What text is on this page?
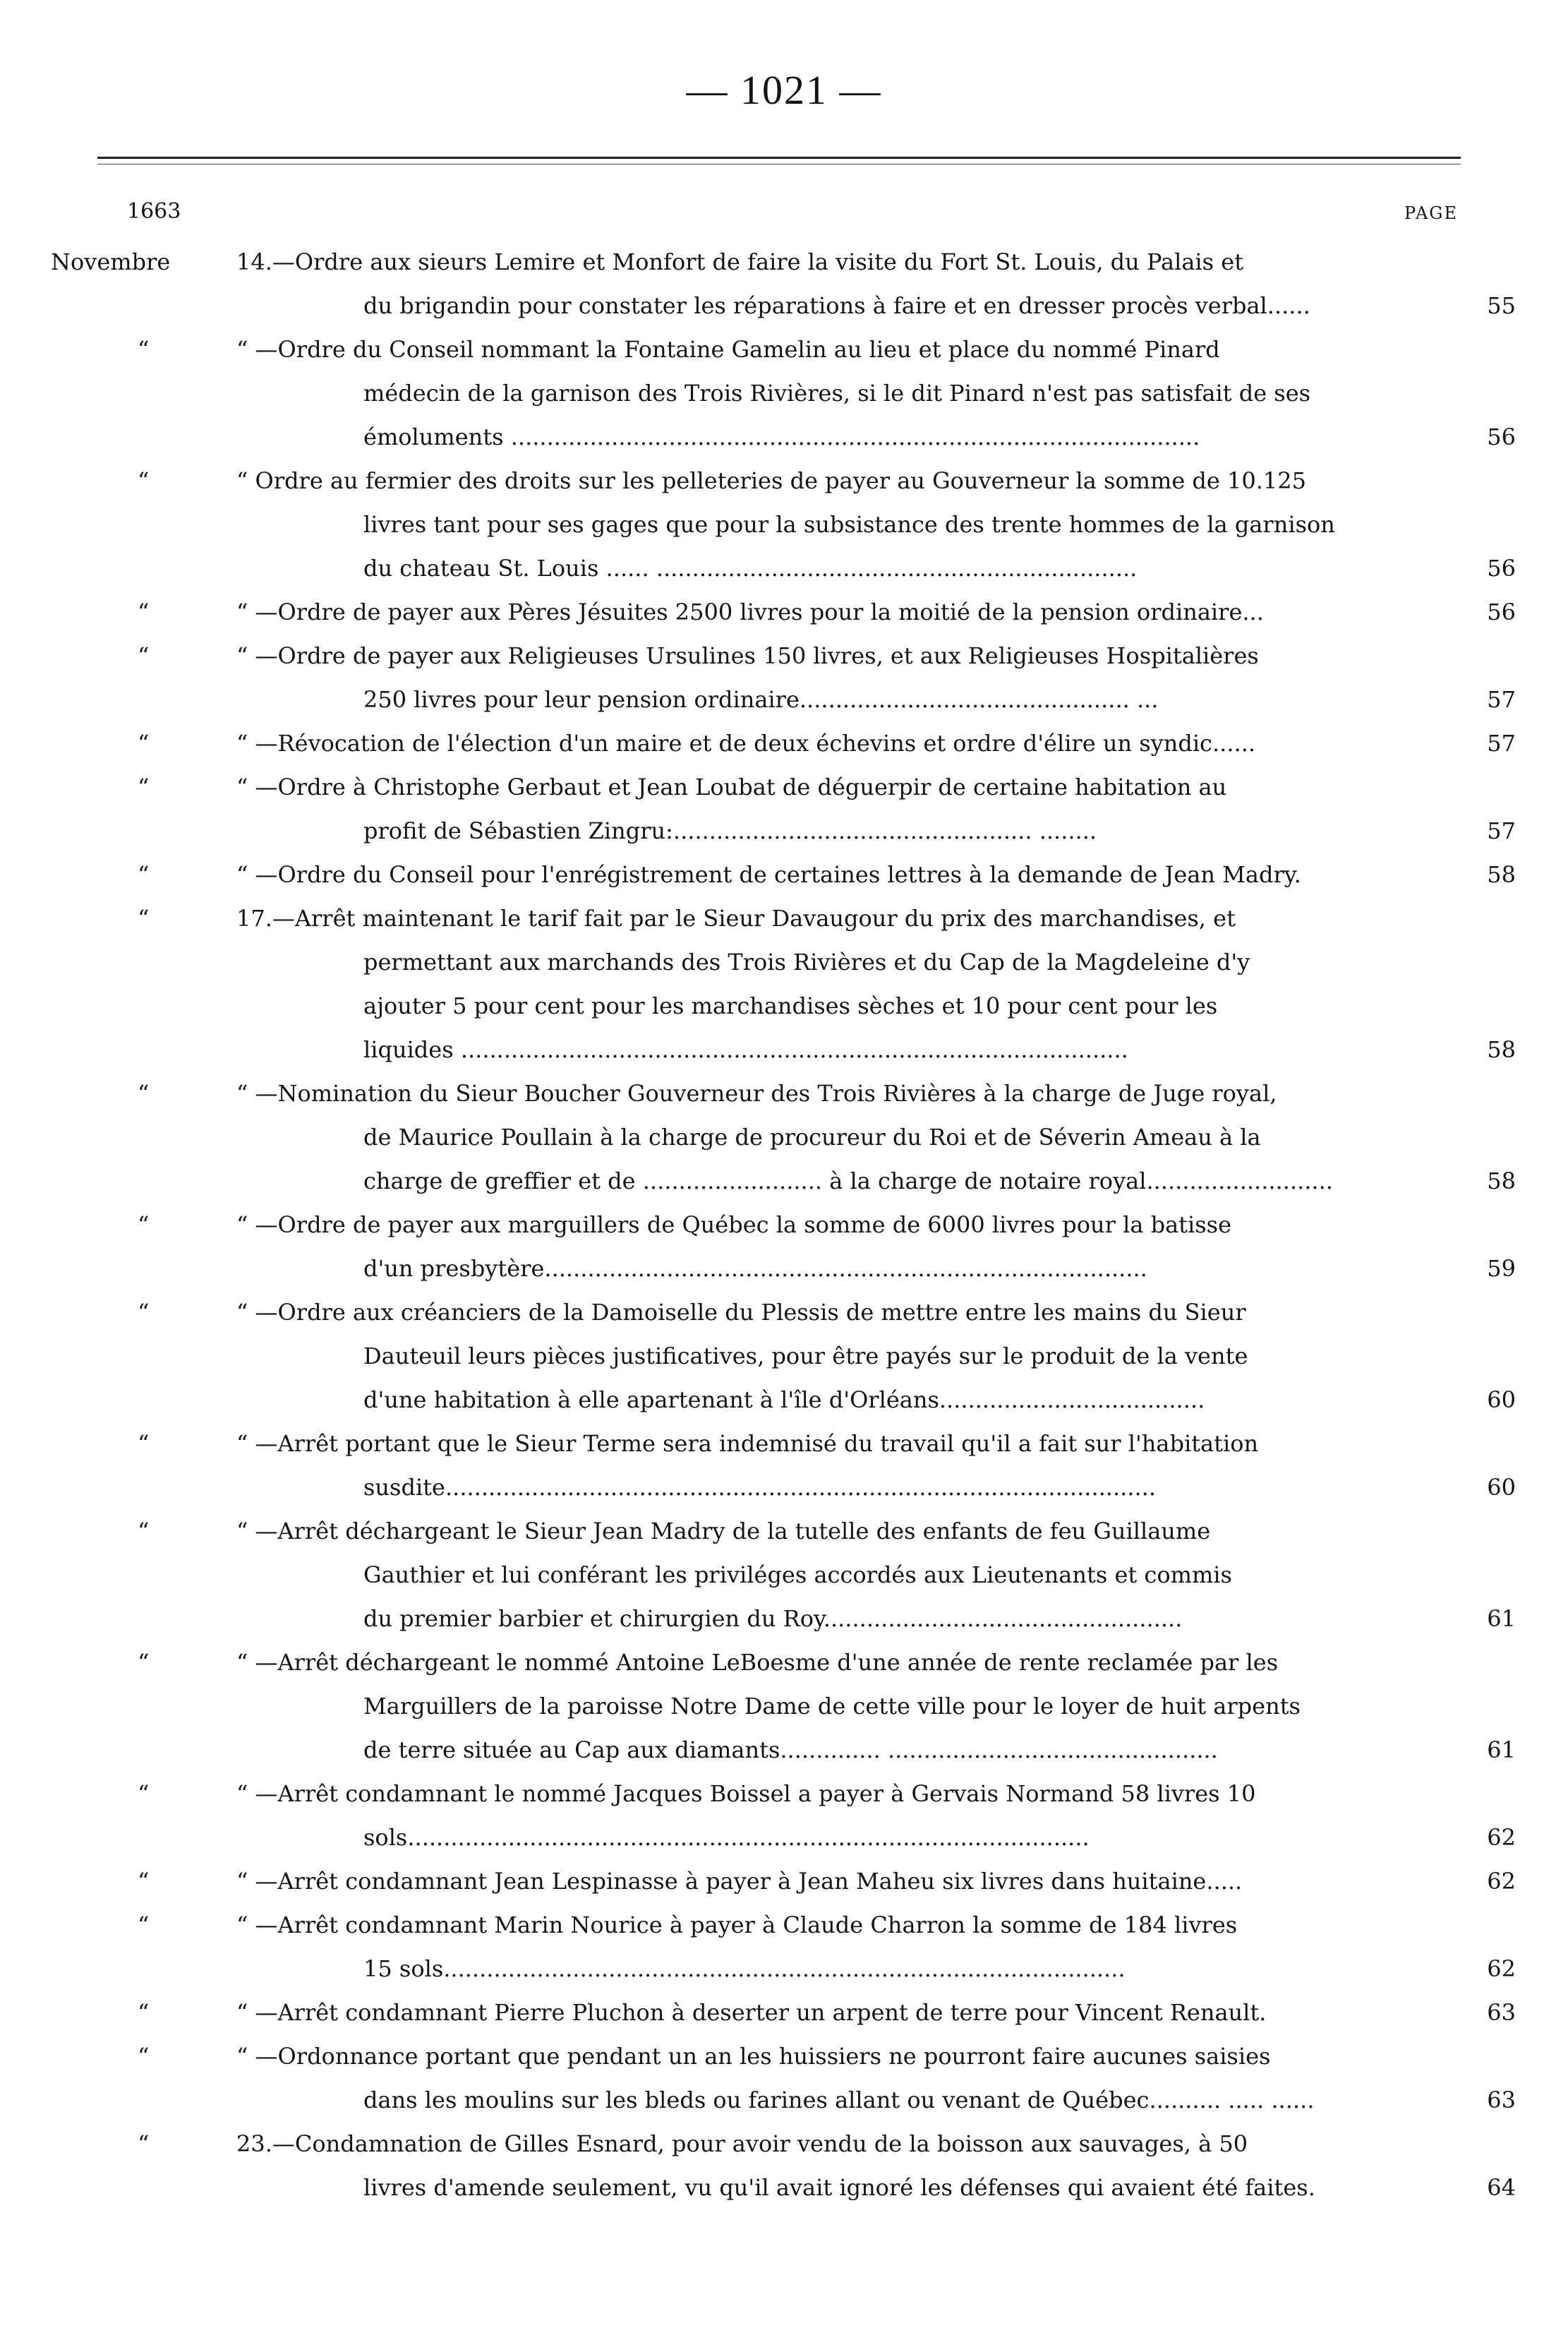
— 1021 —
1663	PAGE
Novembre	14.—Ordre aux sieurs Lemire et Monfort de faire la visite du Fort St. Louis, du Palais et
du brigandin pour constater les réparations à faire et en dresser procès verbal......	55
“	“ —Ordre du Conseil nommant la Fontaine Gamelin au lieu et place du nommé Pinard
médecin de la garnison des Trois Rivières, si le dit Pinard n'est pas satisfait de ses
émoluments ................................................................................................	56
“	“ Ordre au fermier des droits sur les pelleteries de payer au Gouverneur la somme de 10.125
livres tant pour ses gages que pour la subsistance des trente hommes de la garnison
du chateau St. Louis ...... ...................................................................	56
“	“ —Ordre de payer aux Pères Jésuites 2500 livres pour la moitié de la pension ordinaire...	56
“	“ —Ordre de payer aux Religieuses Ursulines 150 livres, et aux Religieuses Hospitalières
250 livres pour leur pension ordinaire.............................................. ...	57
“	“ —Révocation de l'élection d'un maire et de deux échevins et ordre d'élire un syndic......	57
“	“ —Ordre à Christophe Gerbaut et Jean Loubat de déguerpir de certaine habitation au
profit de Sébastien Zingru:.................................................. ........	57
“	“ —Ordre du Conseil pour l'enrégistrement de certaines lettres à la demande de Jean Madry.	58
“	17.—Arrêt maintenant le tarif fait par le Sieur Davaugour du prix des marchandises, et
permettant aux marchands des Trois Rivières et du Cap de la Magdeleine d'y
ajouter 5 pour cent pour les marchandises sèches et 10 pour cent pour les
liquides .............................................................................................	58
“	“ —Nomination du Sieur Boucher Gouverneur des Trois Rivières à la charge de Juge royal,
de Maurice Poullain à la charge de procureur du Roi et de Séverin Ameau à la
charge de greffier et de ......................... à la charge de notaire royal..........................	58
“	“ —Ordre de payer aux marguillers de Québec la somme de 6000 livres pour la batisse
d'un presbytère....................................................................................	59
“	“ —Ordre aux créanciers de la Damoiselle du Plessis de mettre entre les mains du Sieur
Dauteuil leurs pièces justificatives, pour être payés sur le produit de la vente
d'une habitation à elle apartenant à l'île d'Orléans.....................................	60
“	“ —Arrêt portant que le Sieur Terme sera indemnisé du travail qu'il a fait sur l'habitation
susdite...................................................................................................	60
“	“ —Arrêt déchargeant le Sieur Jean Madry de la tutelle des enfants de feu Guillaume
Gauthier et lui conférant les priviléges accordés aux Lieutenants et commis
du premier barbier et chirurgien du Roy..................................................	61
“	“ —Arrêt déchargeant le nommé Antoine LeBoesme d'une année de rente reclamée par les
Marguillers de la paroisse Notre Dame de cette ville pour le loyer de huit arpents
de terre située au Cap aux diamants.............. ..............................................	61
“	“ —Arrêt condamnant le nommé Jacques Boissel a payer à Gervais Normand 58 livres 10
sols...............................................................................................	62
“	“ —Arrêt condamnant Jean Lespinasse à payer à Jean Maheu six livres dans huitaine.....	62
“	“ —Arrêt condamnant Marin Nourice à payer à Claude Charron la somme de 184 livres
15 sols...............................................................................................	62
“	“ —Arrêt condamnant Pierre Pluchon à deserter un arpent de terre pour Vincent Renault.	63
“	“ —Ordonnance portant que pendant un an les huissiers ne pourront faire aucunes saisies
dans les moulins sur les bleds ou farines allant ou venant de Québec.......... ..... ......	63
“	23.—Condamnation de Gilles Esnard, pour avoir vendu de la boisson aux sauvages, à 50
livres d'amende seulement, vu qu'il avait ignoré les défenses qui avaient été faites.	64
